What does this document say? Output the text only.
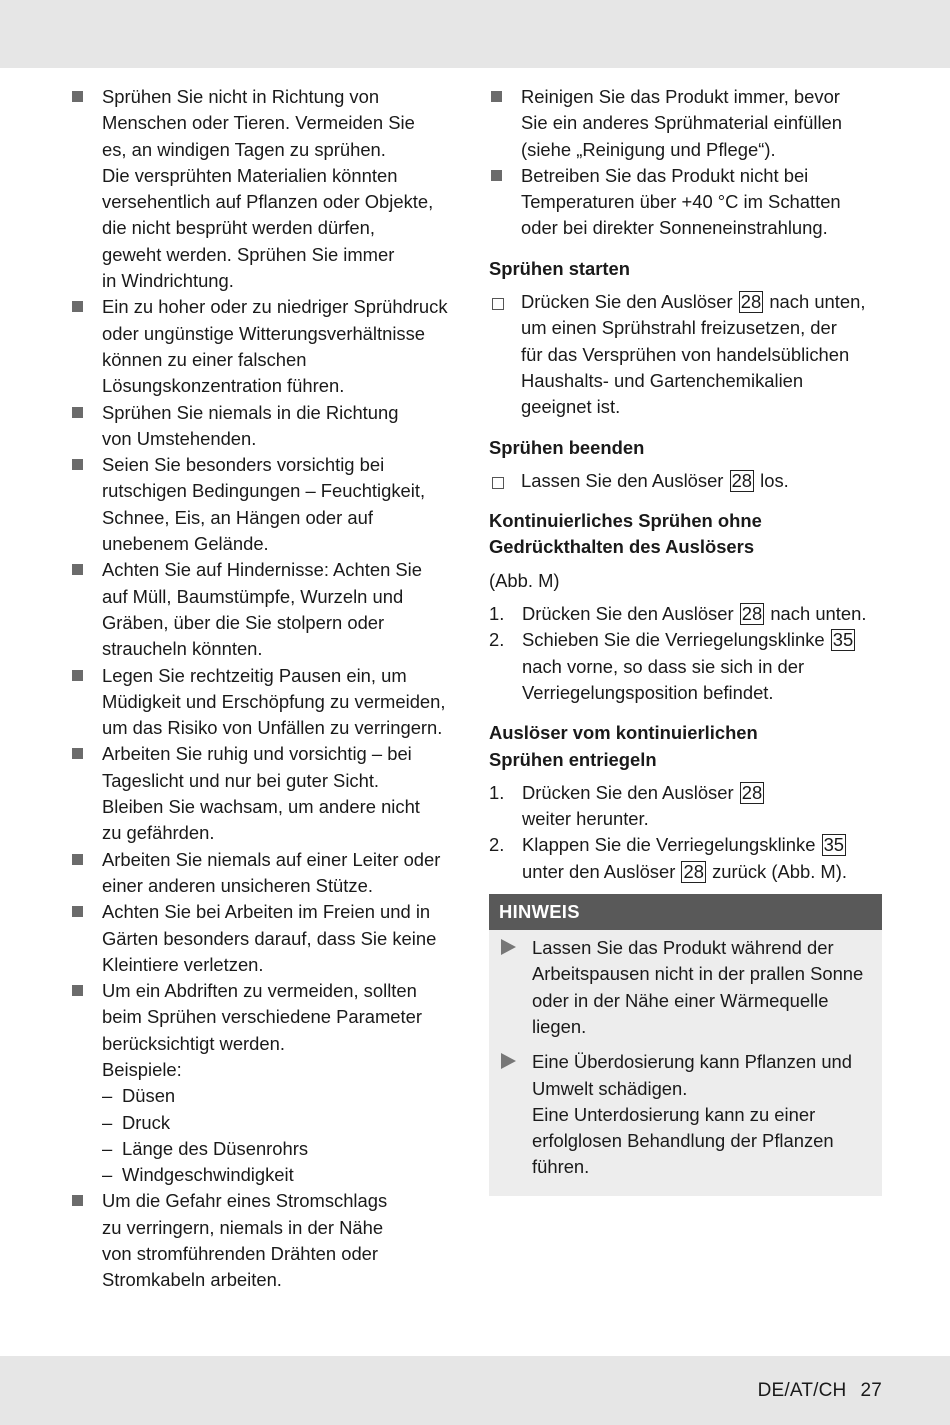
Sprühen Sie nicht in Richtung von
Menschen oder Tieren. Vermeiden Sie
es, an windigen Tagen zu sprühen.
Die versprühten Materialien könnten
versehentlich auf Pflanzen oder Objekte,
die nicht besprüht werden dürfen,
geweht werden. Sprühen Sie immer
in Windrichtung.
Ein zu hoher oder zu niedriger Sprühdruck
oder ungünstige Witterungsverhältnisse
können zu einer falschen
Lösungskonzentration führen.
Sprühen Sie niemals in die Richtung
von Umstehenden.
Seien Sie besonders vorsichtig bei
rutschigen Bedingungen – Feuchtigkeit,
Schnee, Eis, an Hängen oder auf
unebenem Gelände.
Achten Sie auf Hindernisse: Achten Sie
auf Müll, Baumstümpfe, Wurzeln und
Gräben, über die Sie stolpern oder
straucheln könnten.
Legen Sie rechtzeitig Pausen ein, um
Müdigkeit und Erschöpfung zu vermeiden,
um das Risiko von Unfällen zu verringern.
Arbeiten Sie ruhig und vorsichtig – bei
Tageslicht und nur bei guter Sicht.
Bleiben Sie wachsam, um andere nicht
zu gefährden.
Arbeiten Sie niemals auf einer Leiter oder
einer anderen unsicheren Stütze.
Achten Sie bei Arbeiten im Freien und in
Gärten besonders darauf, dass Sie keine
Kleintiere verletzen.
Um ein Abdriften zu vermeiden, sollten
beim Sprühen verschiedene Parameter
berücksichtigt werden.
Beispiele:
– Düsen
– Druck
– Länge des Düsenrohrs
– Windgeschwindigkeit
Um die Gefahr eines Stromschlags
zu verringern, niemals in der Nähe
von stromführenden Drähten oder
Stromkabeln arbeiten.
Reinigen Sie das Produkt immer, bevor
Sie ein anderes Sprühmaterial einfüllen
(siehe „Reinigung und Pflege“).
Betreiben Sie das Produkt nicht bei
Temperaturen über +40 °C im Schatten
oder bei direkter Sonneneinstrahlung.
Sprühen starten
Drücken Sie den Auslöser 28 nach unten,
um einen Sprühstrahl freizusetzen, der
für das Versprühen von handelsüblichen
Haushalts- und Gartenchemikalien
geeignet ist.
Sprühen beenden
Lassen Sie den Auslöser 28 los.
Kontinuierliches Sprühen ohne
Gedrückthalten des Auslösers

(Abb. M)

1. Drücken Sie den Auslöser 28 nach unten.
2. Schieben Sie die Verriegelungsklinke 35
nach vorne, so dass sie sich in der
Verriegelungsposition befindet.
Auslöser vom kontinuierlichen
Sprühen entriegeln
1. Drücken Sie den Auslöser 28
weiter herunter.
2. Klappen Sie die Verriegelungsklinke 35
unter den Auslöser 28 zurück (Abb. M).
HINWEIS
Lassen Sie das Produkt während der
Arbeitspausen nicht in der prallen Sonne
oder in der Nähe einer Wärmequelle
liegen.
Eine Überdosierung kann Pflanzen und
Umwelt schädigen.
Eine Unterdosierung kann zu einer
erfolglosen Behandlung der Pflanzen
führen.
DE/AT/CH 27
